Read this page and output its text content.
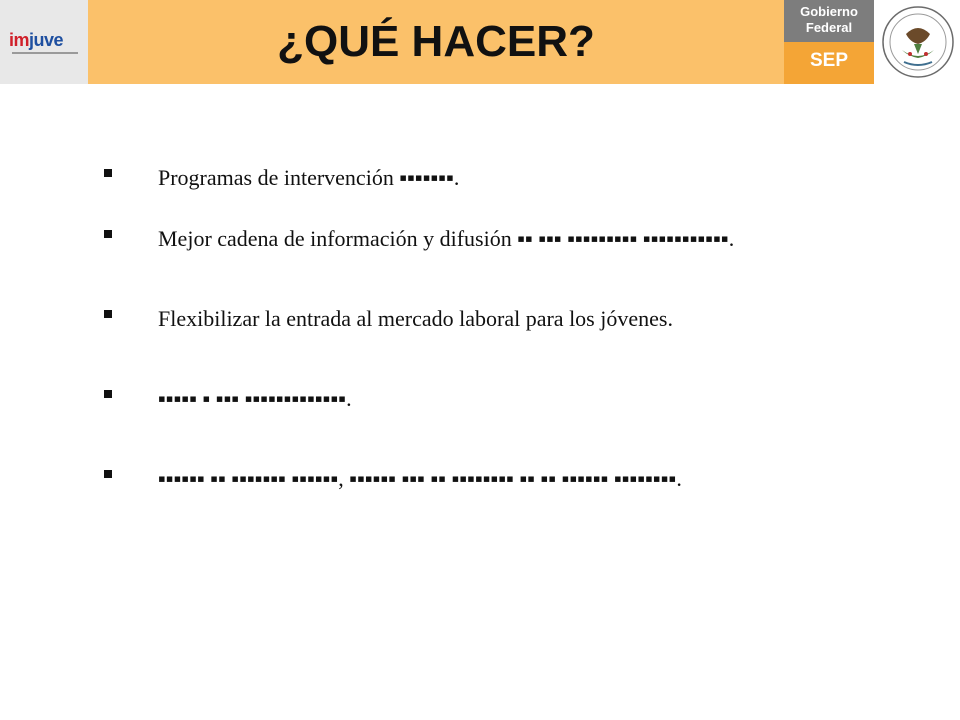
imjuve	¿QUÉ HACER?
Gobierno
Federal
SEP
Programas de intervención ▪▪▪▪▪▪▪.
Mejor cadena de información y difusión ▪▪ ▪▪▪ ▪▪▪▪▪▪▪▪▪ ▪▪▪▪▪▪▪▪▪▪▪.
Flexibilizar la entrada al mercado laboral para los jóvenes.
▪▪▪▪▪ ▪ ▪▪▪ ▪▪▪▪▪▪▪▪▪▪▪▪▪.
▪▪▪▪▪▪ ▪▪ ▪▪▪▪▪▪▪ ▪▪▪▪▪▪, ▪▪▪▪▪▪ ▪▪▪ ▪▪ ▪▪▪▪▪▪▪▪ ▪▪ ▪▪ ▪▪▪▪▪▪ ▪▪▪▪▪▪▪▪.
